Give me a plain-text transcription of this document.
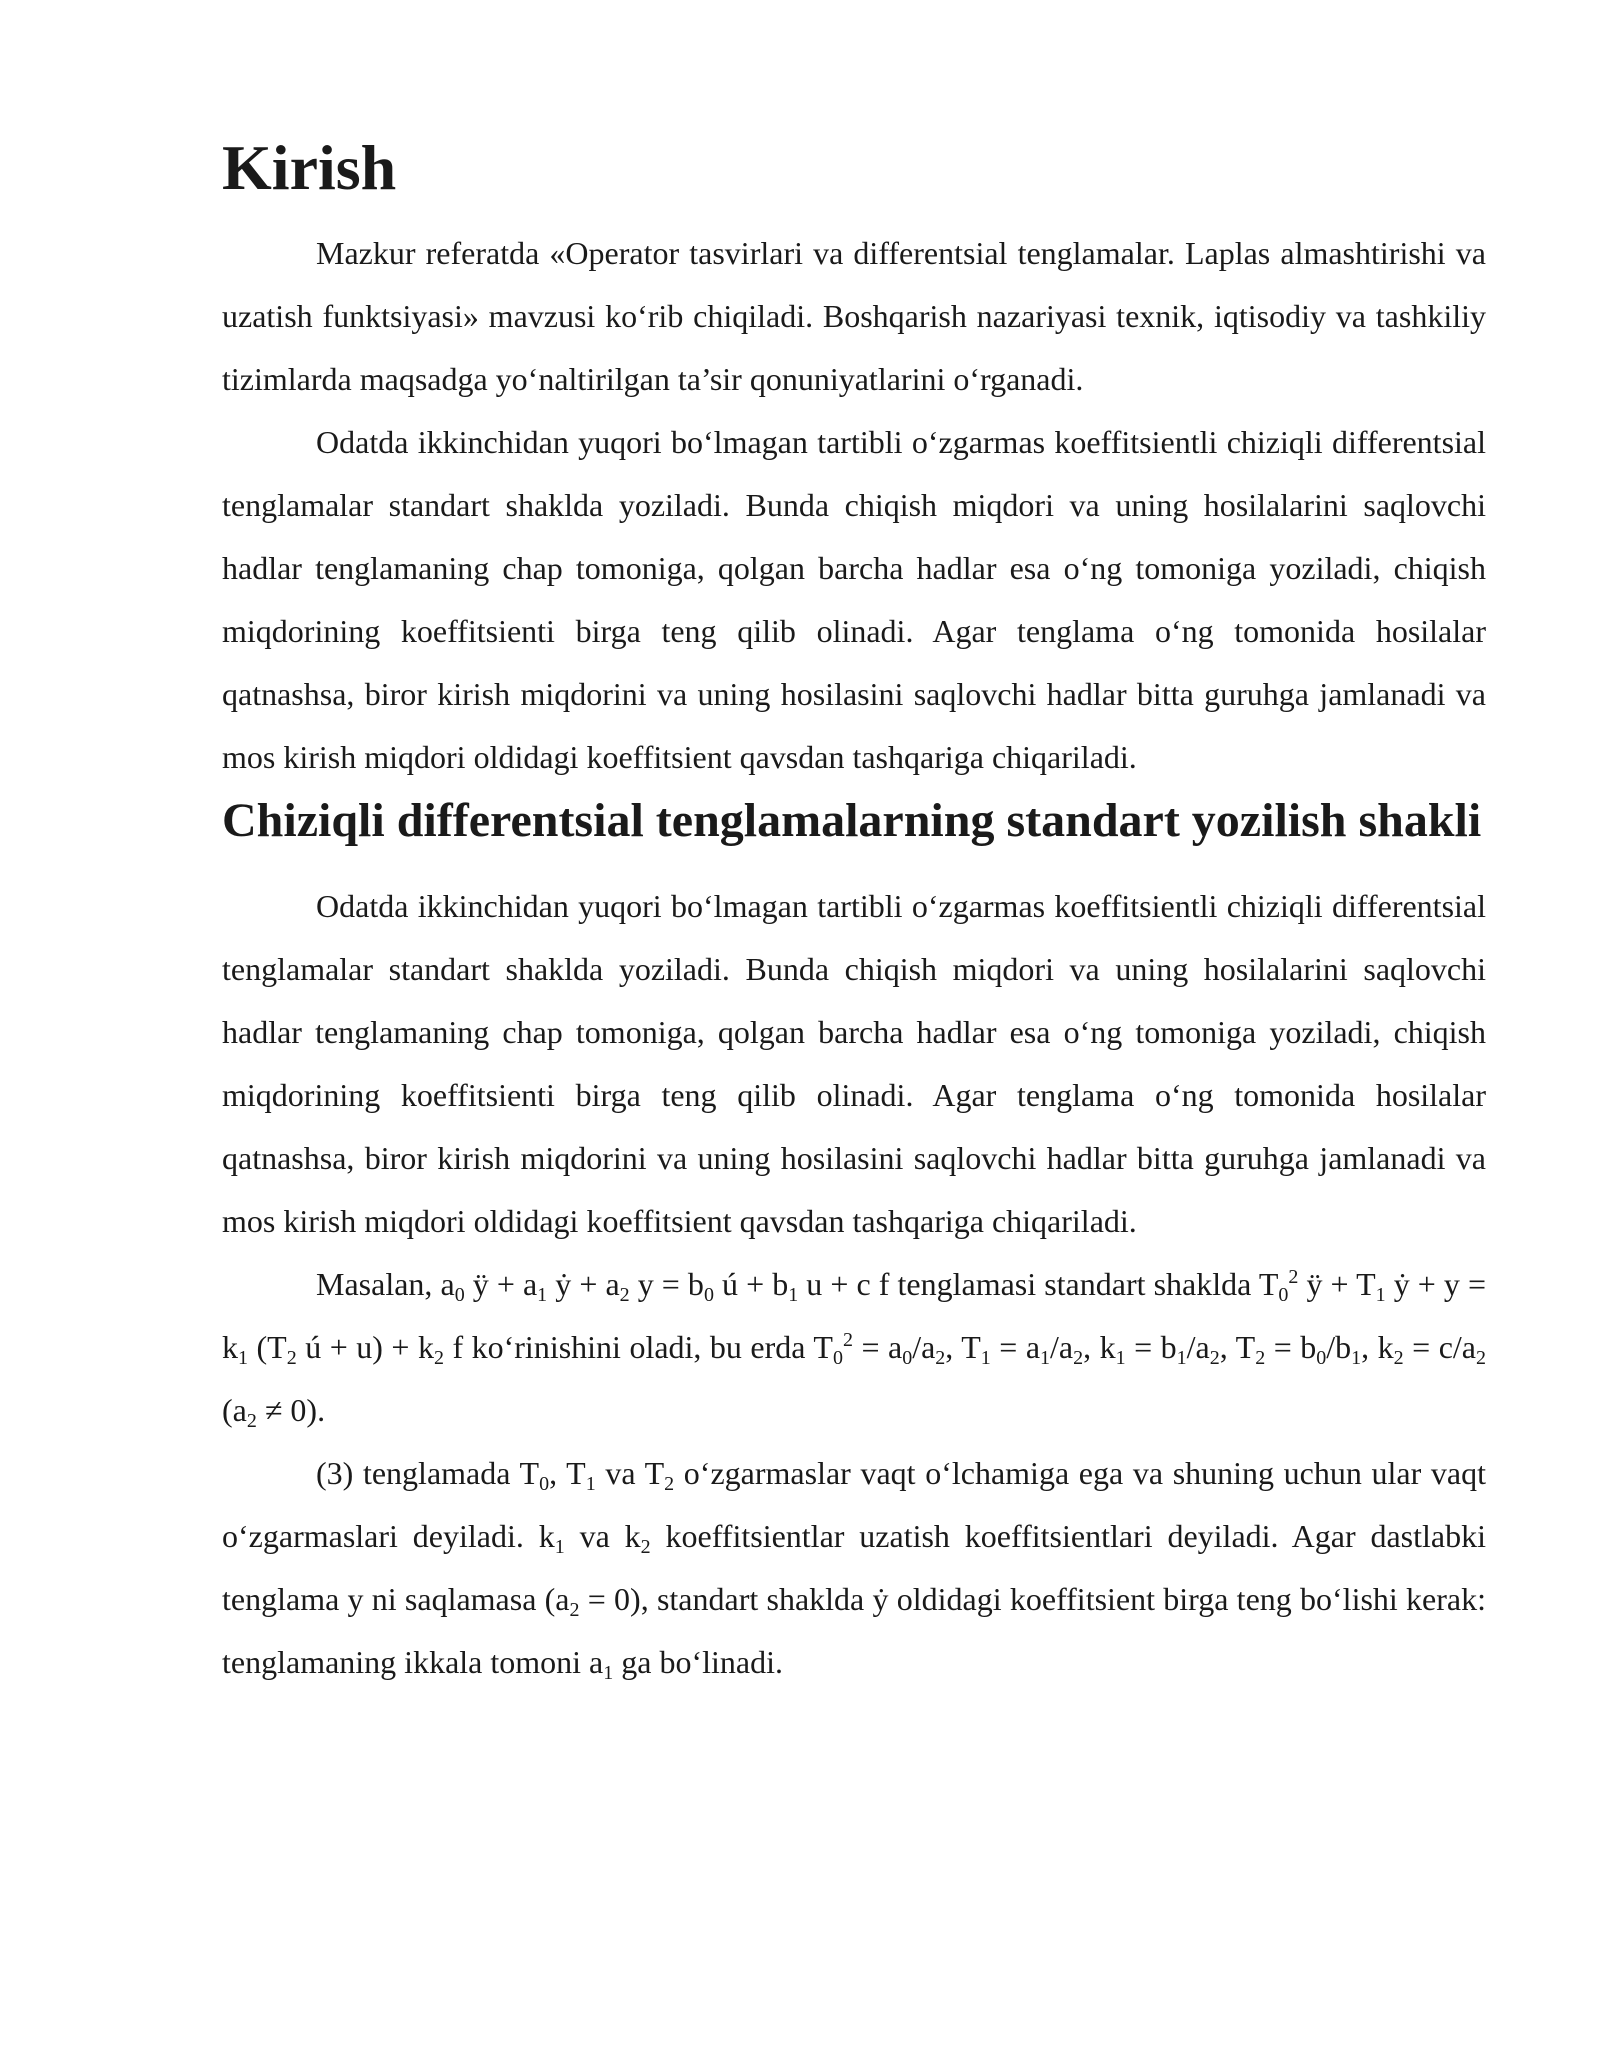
Kirish

Mazkur referatda «Operator tasvirlari va differentsial tenglamalar. Laplas almashtirishi va uzatish funktsiyasi» mavzusi ko‘rib chiqiladi. Boshqarish nazariyasi texnik, iqtisodiy va tashkiliy tizimlarda maqsadga yo‘naltirilgan ta’sir qonuniyatlarini o‘rganadi.

Odatda ikkinchidan yuqori bo‘lmagan tartibli o‘zgarmas koeffitsientli chiziqli differentsial tenglamalar standart shaklda yoziladi. Bunda chiqish miqdori va uning hosilalarini saqlovchi hadlar tenglamaning chap tomoniga, qolgan barcha hadlar esa o‘ng tomoniga yoziladi, chiqish miqdorining koeffitsienti birga teng qilib olinadi. Agar tenglama o‘ng tomonida hosilalar qatnashsa, biror kirish miqdorini va uning hosilasini saqlovchi hadlar bitta guruhga jamlanadi va mos kirish miqdori oldidagi koeffitsient qavsdan tashqariga chiqariladi.

Chiziqli differentsial tenglamalarning standart yozilish shakli

Odatda ikkinchidan yuqori bo‘lmagan tartibli o‘zgarmas koeffitsientli chiziqli differentsial tenglamalar standart shaklda yoziladi. Bunda chiqish miqdori va uning hosilalarini saqlovchi hadlar tenglamaning chap tomoniga, qolgan barcha hadlar esa o‘ng tomoniga yoziladi, chiqish miqdorining koeffitsienti birga teng qilib olinadi. Agar tenglama o‘ng tomonida hosilalar qatnashsa, biror kirish miqdorini va uning hosilasini saqlovchi hadlar bitta guruhga jamlanadi va mos kirish miqdori oldidagi koeffitsient qavsdan tashqariga chiqariladi.

Masalan, $a_0$ ÿ + $a_1$ ẏ + $a_2$ $y = b_0$ ú + $b_1$ u + c f tenglamasi standart shaklda $T_0^2$ ÿ + $T_1$ ẏ + $y = k_1$ ($T_2$ ú + $u) + k_2$ f ko‘rinishini oladi, bu erda $T_0^2 = a_0/a_2$, $T_1 = a_1/a_2$, $k_1 = b_1/a_2$, $T_2 = b_0/b_1$, $k_2 = c/a_2$ $(a_2 \ne 0)$.

(3) tenglamada $T_0$, $T_1$ va $T_2$ o‘zgarmaslar vaqt o‘lchamiga ega va shuning uchun ular vaqt o‘zgarmaslari deyiladi. $k_1$ va $k_2$ koeffitsientlar uzatish koeffitsientlari deyiladi. Agar dastlabki tenglama y ni saqlamasa $(a_2 = 0)$, standart shaklda ẏ oldidagi koeffitsient birga teng bo‘lishi kerak: tenglamaning ikkala tomoni $a_1$ ga bo‘linadi.
